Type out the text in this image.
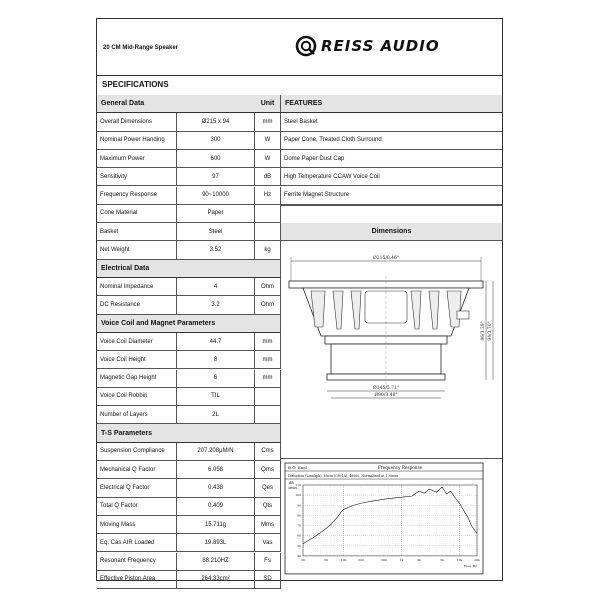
20 CM Mid-Range Speaker	REISS AUDIO
SPECIFICATIONS
General Data	Unit
Overall Dimensions	Ø215 x 94	mm
Nominal Power Handing	300	W
Maximum Power	600	W
Sensitivity	97	dB
Frequency Response	90~10000	Hz
Cone Material	Paper
Basket	Steel
Net Weight	3.52	kg
Electrical Data
Nominal Impedance	4	Ohm
DC Resistance	3.2	Ohm
Voice Coil and Magnet Parameters
Voice Coil Diameter	44.7	mm
Voice Coil Height	8	mm
Magnetic Gap Height	6	mm
Voice Coil Robbin	TIL
Number of Layers	2L
T-S Parameters
Suspension Compliance	207.208μM/N	Cms
Mechanical Q Factor	6.058	Qms
Electrical Q Factor	0.438	Qes
Total Q Factor	0.409	Qts
Moving Mass	15.711g	Mms
Eq. Cas AIR Loaded	19.893L	Vas
Resonant Frequency	88.210HZ	Fs
Effective Piston Area	264.33cm²	SD
FEATURES
Steel Basket
Paper Cone, Treated Cloth Surround
Dome Paper Dust Cap
High Temperature CCAW Voice Coil
Ferrite Magnet Structure
Dimensions
Ø215/8.46"
Ø145/5.71"
Ø90/3.48"
86/3.39" 94/3.70"
B.O. Enel	Frequency Response
Distortion (Loudspk): Micro (CH-1A), 48000, Normalized at 1 Meter
dB
dBSPL
110
100
90
80
70
60
50
40
20	50	100	200	500	1k	2k	5k	10k	20k
Freq. Hz
